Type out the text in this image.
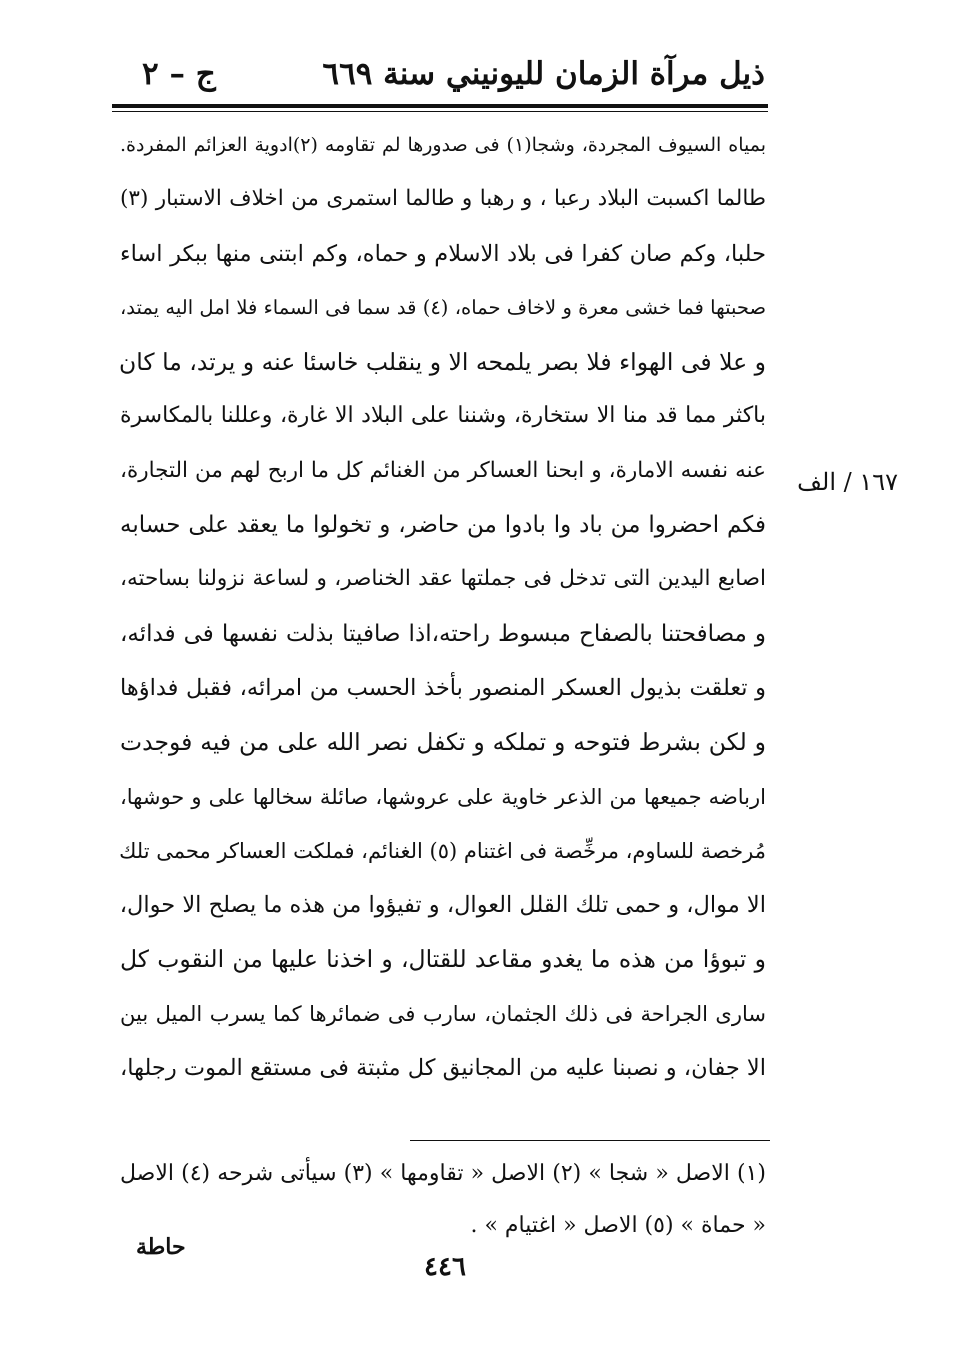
ذيل مرآة الزمان لليونيني سنة ٦٦٩
ج – ٢
١٦٧ / الف
بمياه السيوف المجردة، وشجا(١) فى صدورها لم تقاومه (٢)ادوية العزائم المفردة.
طالما اكسبت البلاد رعبا ، و رهبا و طالما استمرى من اخلاف الاستبار (٣)
حلبا، وكم صان كفرا فى بلاد الاسلام و حماه، وكم ابتنى منها ببكر اساء
صحبتها فما خشى معرة و لاخاف حماه، (٤) قد سما فى السماء فلا امل اليه يمتد،
و علا فى الهواء فلا بصر يلمحه الا و ينقلب خاسئا عنه و يرتد، ما كان
باكثر مما قد منا الا ستخارة، وشننا على البلاد الا غارة، وعللنا بالمكاسرة
عنه نفسه الامارة، و ابحنا العساكر من الغنائم كل ما اربح لهم من التجارة،
فكم احضروا من باد وا بادوا من حاضر، و تخولوا ما يعقد على حسابه
اصابع اليدين التى تدخل فى جملتها عقد الخناصر، و لساعة نزولنا بساحته،
و مصافحتنا بالصفاح مبسوط راحته،اذا صافيتا بذلت نفسها فى فدائه،
و تعلقت بذيول العسكر المنصور بأخذ الحسب من امرائه، فقبل فداؤها
و لكن بشرط فتوحه و تملكه و تكفل نصر الله على من فيه فوجدت
ارباضه جميعها من الذعر خاوية على عروشها، صائلة سخالها على و حوشها،
مُرخصة للساوم، مرخِّصة فى اغتنام (٥) الغنائم، فملكت العساكر محمى تلك
الا موال، و حمى تلك القلل العوال، و تفيؤوا من هذه ما يصلح الا حوال،
و تبوؤا من هذه ما يغدو مقاعد للقتال، و اخذنا عليها من النقوب كل
سارى الجراحة فى ذلك الجثمان، سارب فى ضمائرها كما يسرب الميل بين
الا جفان، و نصبنا عليه من المجانيق كل مثبتة فى مستقع الموت رجلها،
(١) الاصل « شجا » (٢) الاصل « تقاومها » (٣) سيأتى شرحه (٤) الاصل
« حماة » (٥) الاصل « اغتيام » .
٤٤٦
حاطة
